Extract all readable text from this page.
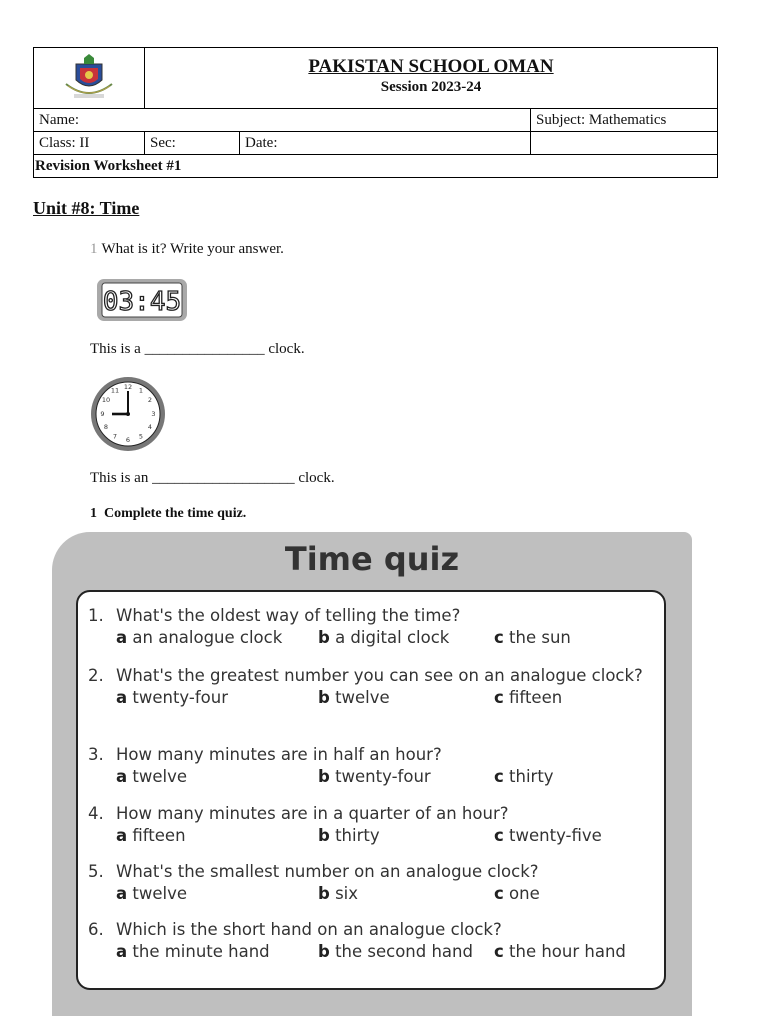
PAKISTAN SCHOOL OMAN
Session 2023-24		

Name:			Subject: Mathematics
Class: II	Sec:	Date:	
Revision Worksheet #1			
Unit #8: Time
1 What is it? Write your answer.
03:45
This is a ________________ clock.
12 1
2
3
4
5
6
7
8
9
10
11
This is an ___________________ clock.
1 Complete the time quiz.
Time quiz
1. What's the oldest way of telling the time?
a an analogue clock b a digital clock	c the sun
2. What's the greatest number you can see on an analogue clock?
a twenty-four	b twelve	c fifteen
3. How many minutes are in half an hour?
a twelve	b twenty-four	c thirty
4. How many minutes are in a quarter of an hour?
a fifteen	b thirty	c twenty-five
5. What's the smallest number on an analogue clock?
a twelve	b six	c one
6. Which is the short hand on an analogue clock?
a the minute hand	b the second hand c the hour hand
